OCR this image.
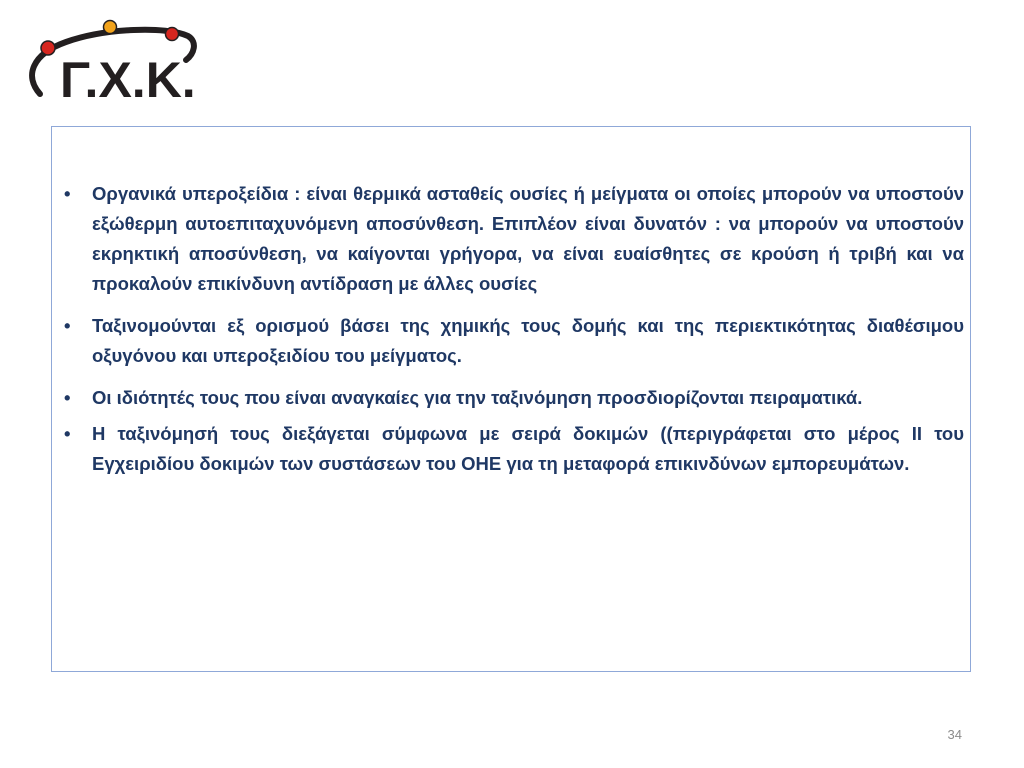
Γ.Χ.Κ.
• Οργανικά υπεροξείδια : είναι θερμικά ασταθείς ουσίες ή μείγματα οι οποίες μπορούν να υποστούν εξώθερμη αυτοεπιταχυνόμενη αποσύνθεση. Επιπλέον είναι δυνατόν : να μπορούν να υποστούν εκρηκτική αποσύνθεση, να καίγονται γρήγορα, να είναι ευαίσθητες σε κρούση ή τριβή και να προκαλούν επικίνδυνη αντίδραση με άλλες ουσίες
• Ταξινομούνται εξ ορισμού βάσει της χημικής τους δομής και της περιεκτικότητας διαθέσιμου οξυγόνου και υπεροξειδίου του μείγματος.
• Οι ιδιότητές τους που είναι αναγκαίες για την ταξινόμηση προσδιορίζονται πειραματικά.
• Η ταξινόμησή τους διεξάγεται σύμφωνα με σειρά δοκιμών ((περιγράφεται στο μέρος ΙΙ του Εγχειριδίου δοκιμών των συστάσεων του ΟΗΕ για τη μεταφορά επικινδύνων εμπορευμάτων.
34
